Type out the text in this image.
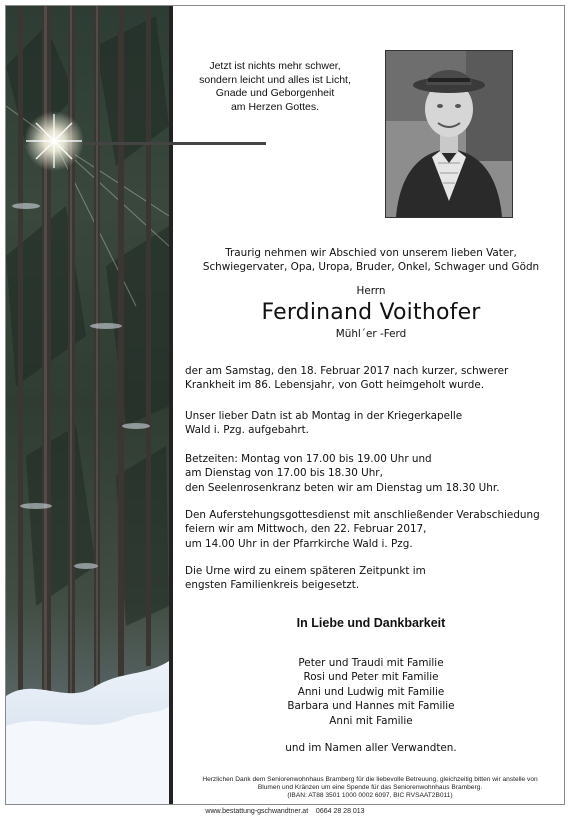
Jetzt ist nichts mehr schwer,
sondern leicht und alles ist Licht,
Gnade und Geborgenheit
am Herzen Gottes.
Traurig nehmen wir Abschied von unserem lieben Vater,
Schwiegervater, Opa, Uropa, Bruder, Onkel, Schwager und Gödn
Herrn
Ferdinand Voithofer
Mühl´er -Ferd
der am Samstag, den 18. Februar 2017 nach kurzer, schwerer
Krankheit im 86. Lebensjahr, von Gott heimgeholt wurde.
Unser lieber Datn ist ab Montag in der Kriegerkapelle
Wald i. Pzg. aufgebahrt.
Betzeiten: Montag von 17.00 bis 19.00 Uhr und
am Dienstag von 17.00 bis 18.30 Uhr,
den Seelenrosenkranz beten wir am Dienstag um 18.30 Uhr.
Den Auferstehungsgottesdienst mit anschließender Verabschiedung
feiern wir am Mittwoch, den 22. Februar 2017,
um 14.00 Uhr in der Pfarrkirche Wald i. Pzg.
Die Urne wird zu einem späteren Zeitpunkt im
engsten Familienkreis beigesetzt.
In Liebe und Dankbarkeit
Peter und Traudi mit Familie
Rosi und Peter mit Familie
Anni und Ludwig mit Familie
Barbara und Hannes mit Familie
Anni mit Familie
und im Namen aller Verwandten.
Herzlichen Dank dem Seniorenwohnhaus Bramberg für die liebevolle Betreuung, gleichzeitig bitten wir anstelle von
Blumen und Kränzen um eine Spende für das Seniorenwohnhaus Bramberg.
(IBAN: AT88 3501 1000 0002 6097, BIC RVSAAT2B011)
www.bestattung-gschwandtner.at 0664 28 28 013
